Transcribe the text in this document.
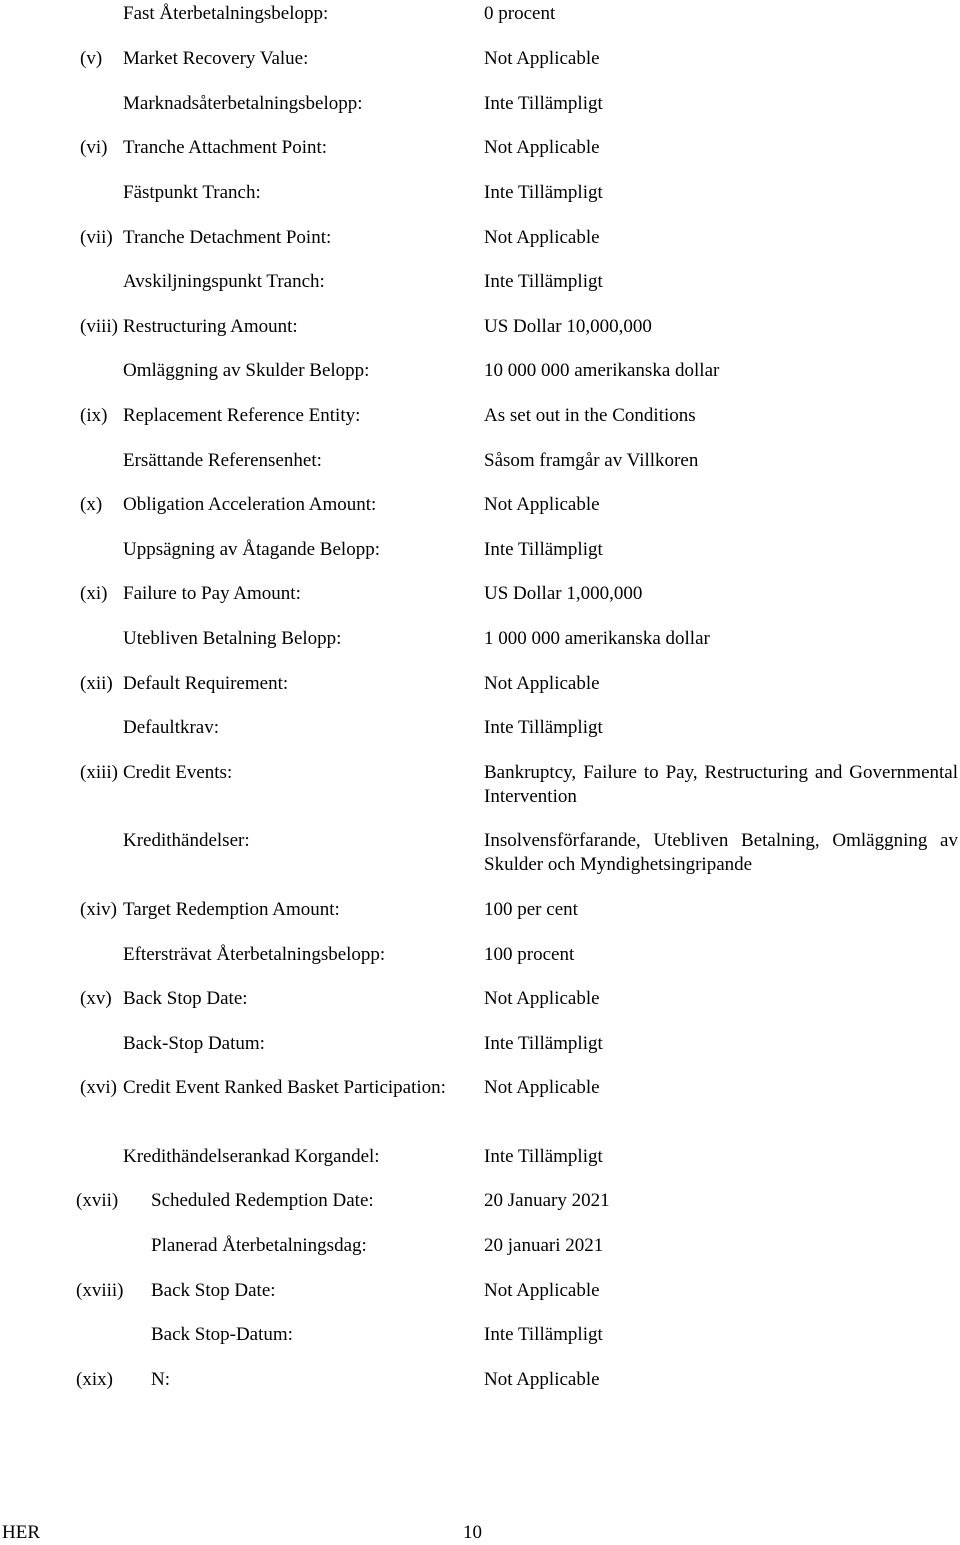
Fast Återbetalningsbelopp:	0 procent
(v) Market Recovery Value:	Not Applicable
Marknadsåterbetalningsbelopp:	Inte Tillämpligt
(vi) Tranche Attachment Point:	Not Applicable
Fästpunkt Tranch:	Inte Tillämpligt
(vii) Tranche Detachment Point:	Not Applicable
Avskiljningspunkt Tranch:	Inte Tillämpligt
(viii) Restructuring Amount:	US Dollar 10,000,000
Omläggning av Skulder Belopp:	10 000 000 amerikanska dollar
(ix) Replacement Reference Entity:	As set out in the Conditions
Ersättande Referensenhet:	Såsom framgår av Villkoren
(x) Obligation Acceleration Amount:	Not Applicable
Uppsägning av Åtagande Belopp:	Inte Tillämpligt
(xi) Failure to Pay Amount:	US Dollar 1,000,000
Utebliven Betalning Belopp:	1 000 000 amerikanska dollar
(xii) Default Requirement:	Not Applicable
Defaultkrav:	Inte Tillämpligt
(xiii) Credit Events:	Bankruptcy, Failure to Pay, Restructuring and Governmental Intervention
Kredithändelser:	Insolvensförfarande, Utebliven Betalning, Omläggning av Skulder och Myndighetsingripande
(xiv) Target Redemption Amount:	100 per cent
Eftersträvat Återbetalningsbelopp:	100 procent
(xv) Back Stop Date:	Not Applicable
Back-Stop Datum:	Inte Tillämpligt
(xvi) Credit Event Ranked Basket Participation:	Not Applicable
Kredithändelserankad Korgandel:	Inte Tillämpligt
(xvii) Scheduled Redemption Date:	20 January 2021
Planerad Återbetalningsdag:	20 januari 2021
(xviii) Back Stop Date:	Not Applicable
Back Stop-Datum:	Inte Tillämpligt
(xix) N:	Not Applicable
HER	10
